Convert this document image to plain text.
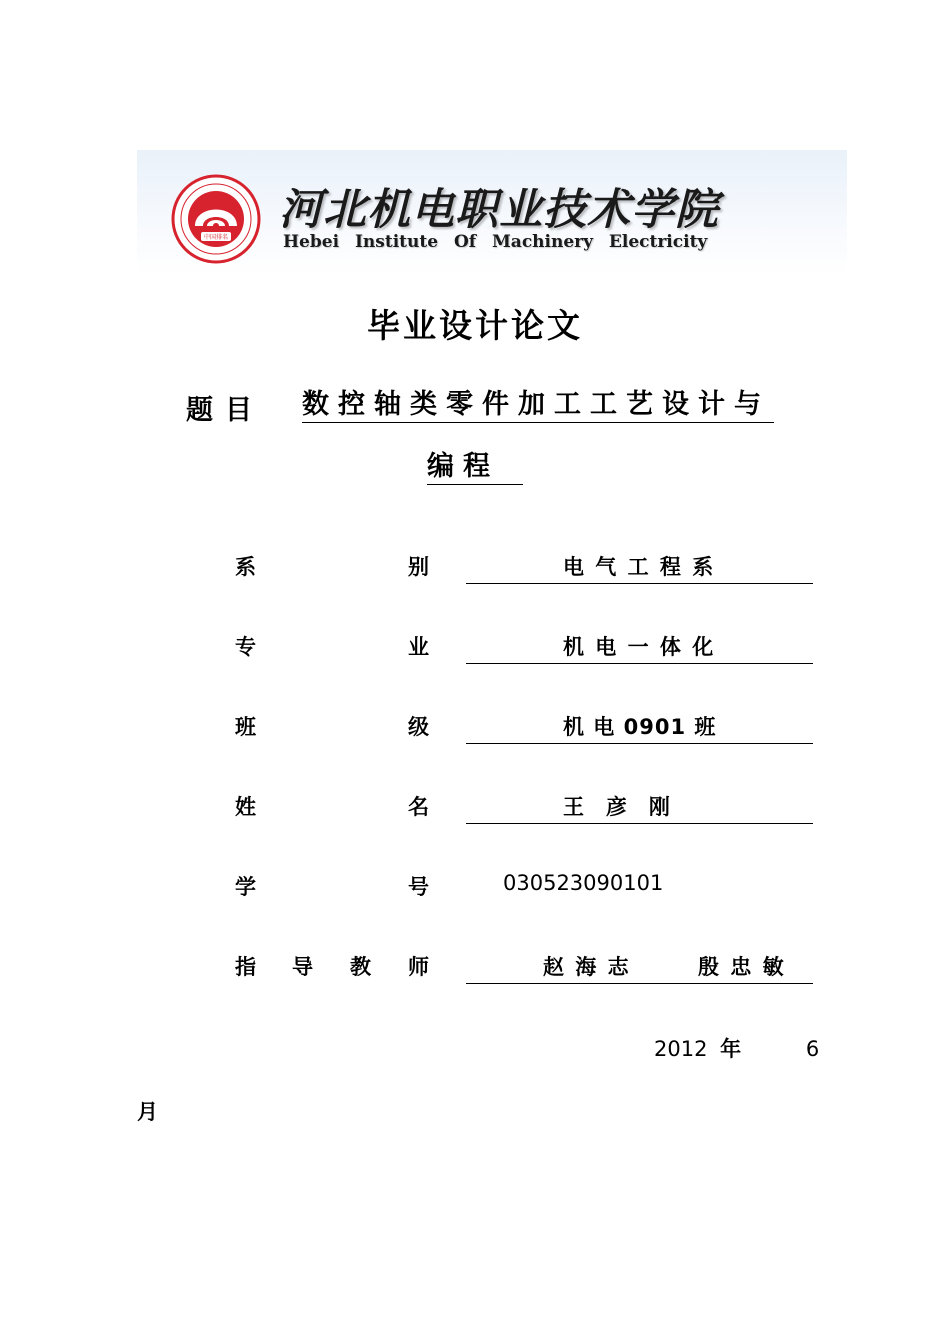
中国排名
河北机电职业技术学院
Hebei Institute Of Machinery Electricity
毕业设计论文
题目 数控轴类零件加工工艺设计与
编程
系	别	电 气 工 程 系
专	业	机 电 一 体 化
班	级	机 电 0901 班
姓	名	王   彦   刚
学	号	030523090101
指 导 教 师	赵 海 志	殷 忠 敏
2012 年	6
月
